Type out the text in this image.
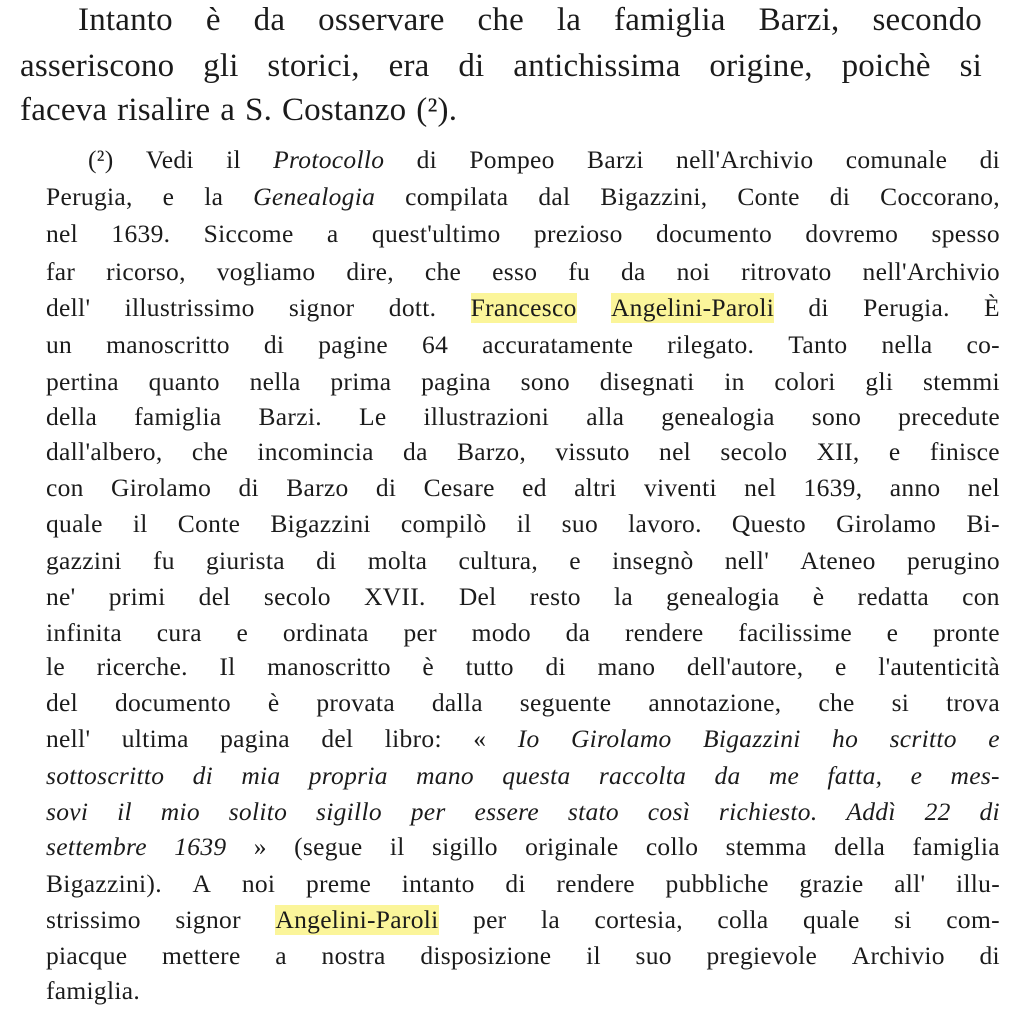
Intanto è da osservare che la famiglia Barzi, secondo
asseriscono gli storici, era di antichissima origine, poichè si
faceva risalire a S. Costanzo (²).
(²) Vedi il Protocollo di Pompeo Barzi nell'Archivio comunale di
Perugia, e la Genealogia compilata dal Bigazzini, Conte di Coccorano,
nel 1639. Siccome a quest'ultimo prezioso documento dovremo spesso
far ricorso, vogliamo dire, che esso fu da noi ritrovato nell'Archivio
dell' illustrissimo signor dott. Francesco Angelini-Paroli di Perugia. È
un manoscritto di pagine 64 accuratamente rilegato. Tanto nella co-
pertina quanto nella prima pagina sono disegnati in colori gli stemmi
della famiglia Barzi. Le illustrazioni alla genealogia sono precedute
dall'albero, che incomincia da Barzo, vissuto nel secolo XII, e finisce
con Girolamo di Barzo di Cesare ed altri viventi nel 1639, anno nel
quale il Conte Bigazzini compilò il suo lavoro. Questo Girolamo Bi-
gazzini fu giurista di molta cultura, e insegnò nell' Ateneo perugino
ne' primi del secolo XVII. Del resto la genealogia è redatta con
infinita cura e ordinata per modo da rendere facilissime e pronte
le ricerche. Il manoscritto è tutto di mano dell'autore, e l'autenticità
del documento è provata dalla seguente annotazione, che si trova
nell' ultima pagina del libro: « Io Girolamo Bigazzini ho scritto e
sottoscritto di mia propria mano questa raccolta da me fatta, e mes-
sovi il mio solito sigillo per essere stato così richiesto. Addì 22 di
settembre 1639 » (segue il sigillo originale collo stemma della famiglia
Bigazzini). A noi preme intanto di rendere pubbliche grazie all' illu-
strissimo signor Angelini-Paroli per la cortesia, colla quale si com-
piacque mettere a nostra disposizione il suo pregievole Archivio di
famiglia.
